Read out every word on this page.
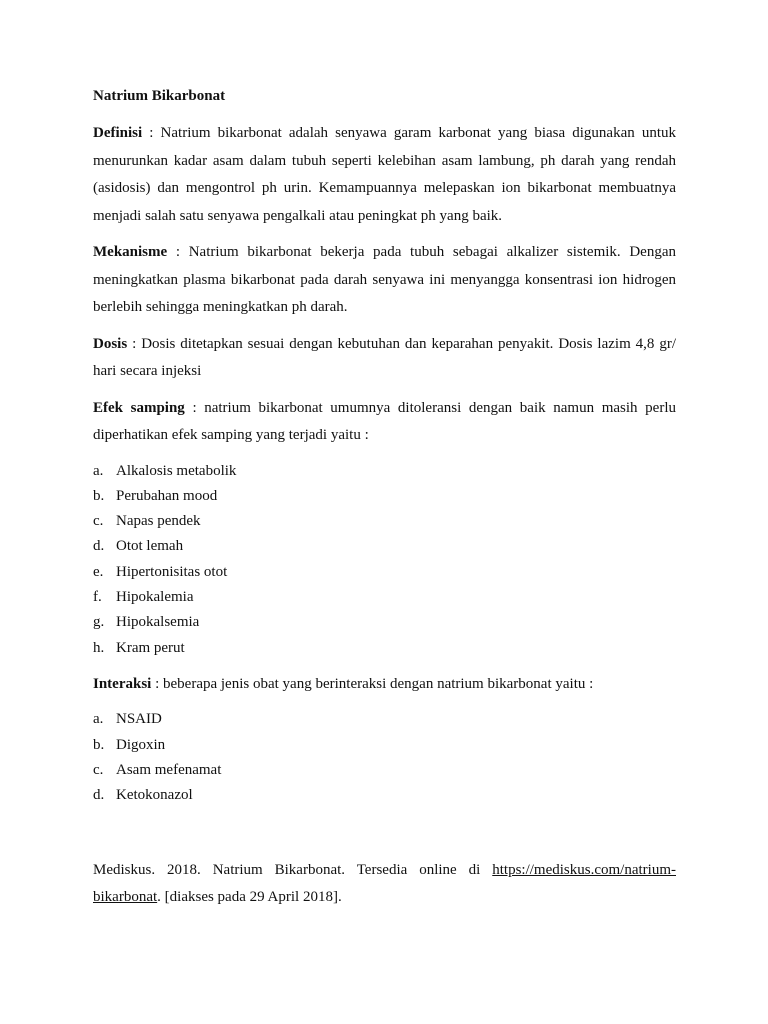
Natrium Bikarbonat

Definisi : Natrium bikarbonat adalah senyawa garam karbonat yang biasa digunakan untuk menurunkan kadar asam dalam tubuh seperti kelebihan asam lambung, ph darah yang rendah (asidosis) dan mengontrol ph urin. Kemampuannya melepaskan ion bikarbonat membuatnya menjadi salah satu senyawa pengalkali atau peningkat ph yang baik.

Mekanisme : Natrium bikarbonat bekerja pada tubuh sebagai alkalizer sistemik. Dengan meningkatkan plasma bikarbonat pada darah senyawa ini menyangga konsentrasi ion hidrogen berlebih sehingga meningkatkan ph darah.

Dosis : Dosis ditetapkan sesuai dengan kebutuhan dan keparahan penyakit. Dosis lazim 4,8 gr/ hari secara injeksi

Efek samping : natrium bikarbonat umumnya ditoleransi dengan baik namun masih perlu diperhatikan efek samping yang terjadi yaitu :

a. Alkalosis metabolik
b. Perubahan mood
c. Napas pendek
d. Otot lemah
e. Hipertonisitas otot
f. Hipokalemia
g. Hipokalsemia
h. Kram perut

Interaksi : beberapa jenis obat yang berinteraksi dengan natrium bikarbonat yaitu :

a. NSAID
b. Digoxin
c. Asam mefenamat
d. Ketokonazol

Mediskus. 2018. Natrium Bikarbonat. Tersedia online di https://mediskus.com/natrium-bikarbonat. [diakses pada 29 April 2018].
